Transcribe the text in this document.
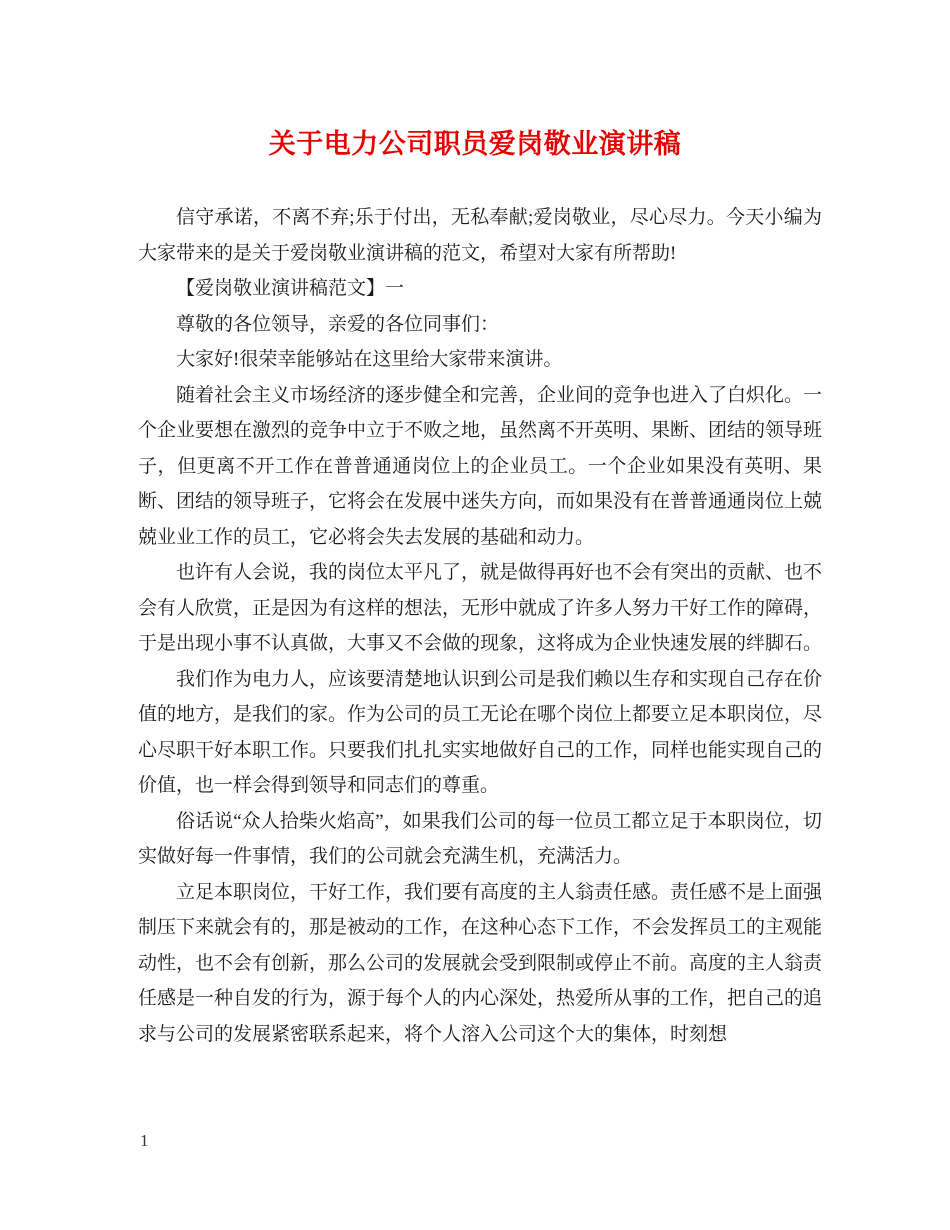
关于电力公司职员爱岗敬业演讲稿

信守承诺，不离不弃;乐于付出，无私奉献;爱岗敬业，尽心尽力。今天小编为大家带来的是关于爱岗敬业演讲稿的范文，希望对大家有所帮助!

【爱岗敬业演讲稿范文】一

尊敬的各位领导，亲爱的各位同事们：

大家好!很荣幸能够站在这里给大家带来演讲。

随着社会主义市场经济的逐步健全和完善，企业间的竞争也进入了白炽化。一个企业要想在激烈的竞争中立于不败之地，虽然离不开英明、果断、团结的领导班子，但更离不开工作在普普通通岗位上的企业员工。一个企业如果没有英明、果断、团结的领导班子，它将会在发展中迷失方向，而如果没有在普普通通岗位上兢兢业业工作的员工，它必将会失去发展的基础和动力。

也许有人会说，我的岗位太平凡了，就是做得再好也不会有突出的贡献、也不会有人欣赏，正是因为有这样的想法，无形中就成了许多人努力干好工作的障碍，于是出现小事不认真做，大事又不会做的现象，这将成为企业快速发展的绊脚石。

我们作为电力人，应该要清楚地认识到公司是我们赖以生存和实现自己存在价值的地方，是我们的家。作为公司的员工无论在哪个岗位上都要立足本职岗位，尽心尽职干好本职工作。只要我们扎扎实实地做好自己的工作，同样也能实现自己的价值，也一样会得到领导和同志们的尊重。

俗话说“众人拾柴火焰高”，如果我们公司的每一位员工都立足于本职岗位，切实做好每一件事情，我们的公司就会充满生机，充满活力。

立足本职岗位，干好工作，我们要有高度的主人翁责任感。责任感不是上面强制压下来就会有的，那是被动的工作，在这种心态下工作，不会发挥员工的主观能动性，也不会有创新，那么公司的发展就会受到限制或停止不前。高度的主人翁责任感是一种自发的行为，源于每个人的内心深处，热爱所从事的工作，把自己的追求与公司的发展紧密联系起来，将个人溶入公司这个大的集体，时刻想

1
